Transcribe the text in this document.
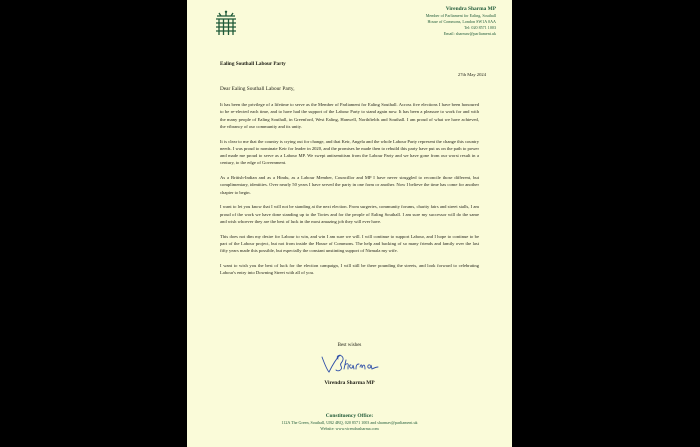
Virendra Sharma MP
Member of Parliament for Ealing, Southall
House of Commons, London SW1A 0AA
Tel: 020 8571 1003
Email: sharmav@parliament.uk
Ealing Southall Labour Party
27th May 2024
Dear Ealing Southall Labour Party,

It has been the privilege of a lifetime to serve as the Member of Parliament for Ealing Southall. Across five elections I have been honoured to be re-elected each time, and to have had the support of the Labour Party to stand again now. It has been a pleasure to work for and with the many people of Ealing Southall, in Greenford, West Ealing, Hanwell, Northfields and Southall. I am proud of what we have achieved, the vibrancy of our community and its unity.

It is clear to me that the country is crying out for change, and that Keir, Angela and the whole Labour Party represent the change this country needs. I was proud to nominate Keir for leader in 2020, and the promises he made then to rebuild this party have put us on the path to power and made me proud to serve as a Labour MP. We swept antisemitism from the Labour Party and we have gone from our worst result in a century, to the edge of Government.

As a British-Indian and as a Hindu, as a Labour Member, Councillor and MP I have never struggled to reconcile those different, but complimentary, identities. Over nearly 50 years I have served the party in one form or another. Now I believe the time has come for another chapter to begin.

I want to let you know that I will not be standing at the next election. From surgeries, community forums, charity fairs and street stalls, I am proud of the work we have done standing up to the Tories and for the people of Ealing Southall. I am sure my successor will do the same and wish whoever they are the best of luck in the most amazing job they will ever have.

This does not dim my desire for Labour to win, and win I am sure we will. I will continue to support Labour, and I hope to continue to be part of the Labour project, but not from inside the House of Commons. The help and backing of so many friends and family over the last fifty years made this possible, but especially the constant unstinting support of Nirmala my wife.

I want to wish you the best of luck for the election campaign, I will still be there pounding the streets, and look forward to celebrating Labour's entry into Downing Street with all of you.

Best wishes
Virendra Sharma MP
Constituency Office:
112A The Green, Southall, UB2 4BQ, 020 8571 1003 and sharmav@parliament.uk
Website: www.virendrasharma.com
